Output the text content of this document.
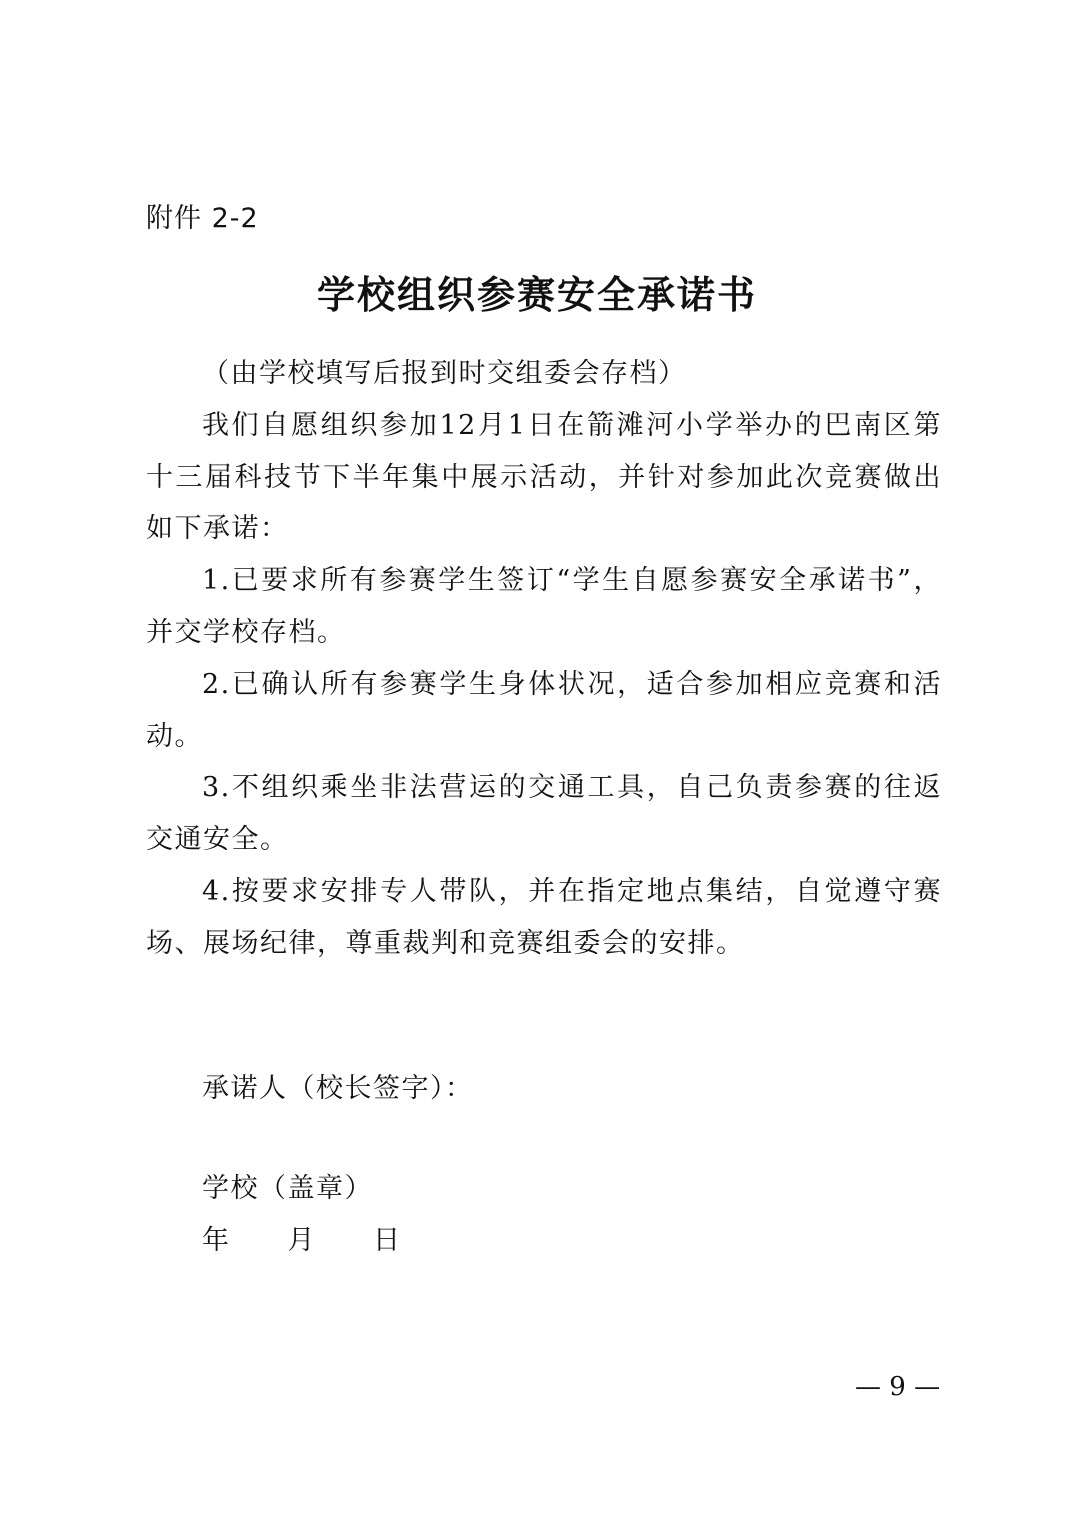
附件 2-2
学校组织参赛安全承诺书

（由学校填写后报到时交组委会存档）

我们自愿组织参加12月1日在箭滩河小学举办的巴南区第十三届科技节下半年集中展示活动，并针对参加此次竞赛做出如下承诺：

1.已要求所有参赛学生签订“学生自愿参赛安全承诺书”，并交学校存档。

2.已确认所有参赛学生身体状况，适合参加相应竞赛和活动。

3.不组织乘坐非法营运的交通工具，自己负责参赛的往返交通安全。

4.按要求安排专人带队，并在指定地点集结，自觉遵守赛场、展场纪律，尊重裁判和竞赛组委会的安排。

承诺人（校长签字）：
学校（盖章）
年　　月　　日
— 9 —
